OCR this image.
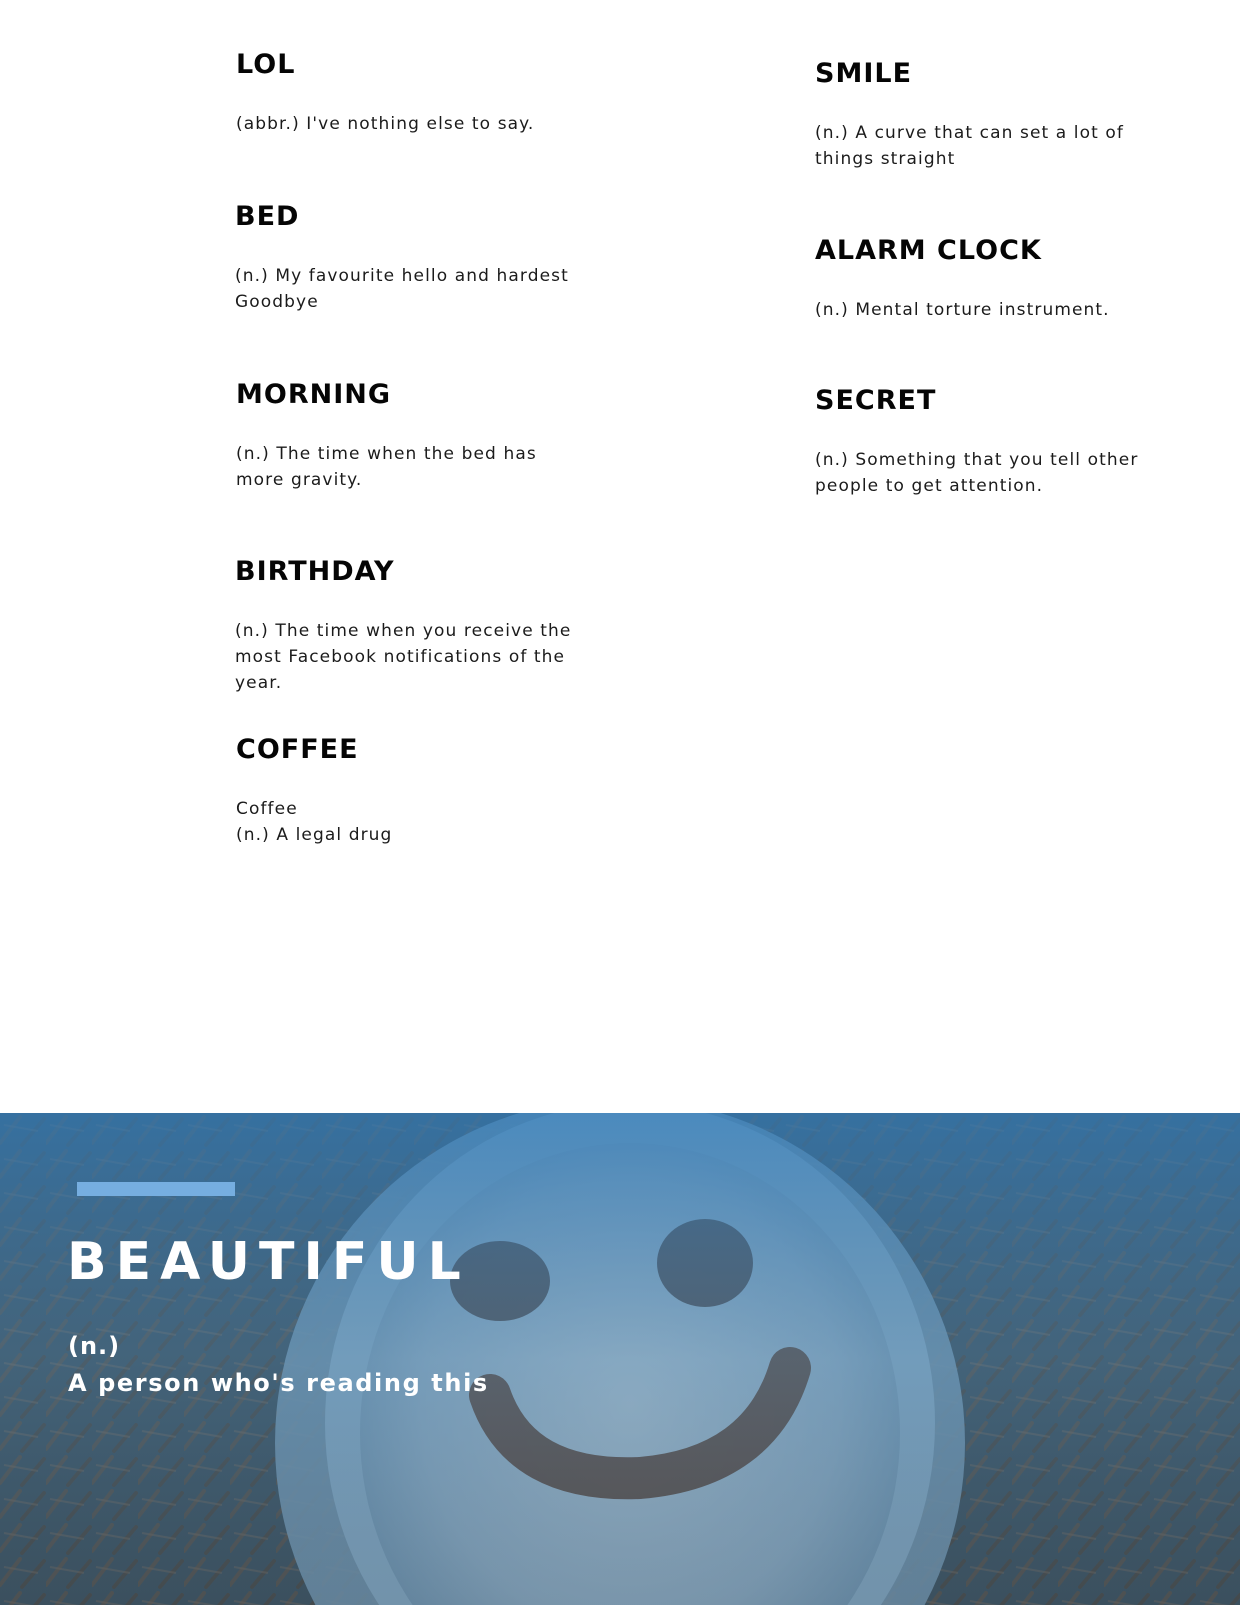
LOL

(abbr.) I've nothing else to say.

BED

(n.) My favourite hello and hardest
Goodbye

MORNING

(n.) The time when the bed has
more gravity.

BIRTHDAY

(n.) The time when you receive the
most Facebook notifications of the
year.

COFFEE

Coffee
(n.) A legal drug

SMILE

(n.) A curve that can set a lot of
things straight

ALARM CLOCK

(n.) Mental torture instrument.

SECRET

(n.) Something that you tell other
people to get attention.

BEAUTIFUL
(n.)
A person who's reading this
